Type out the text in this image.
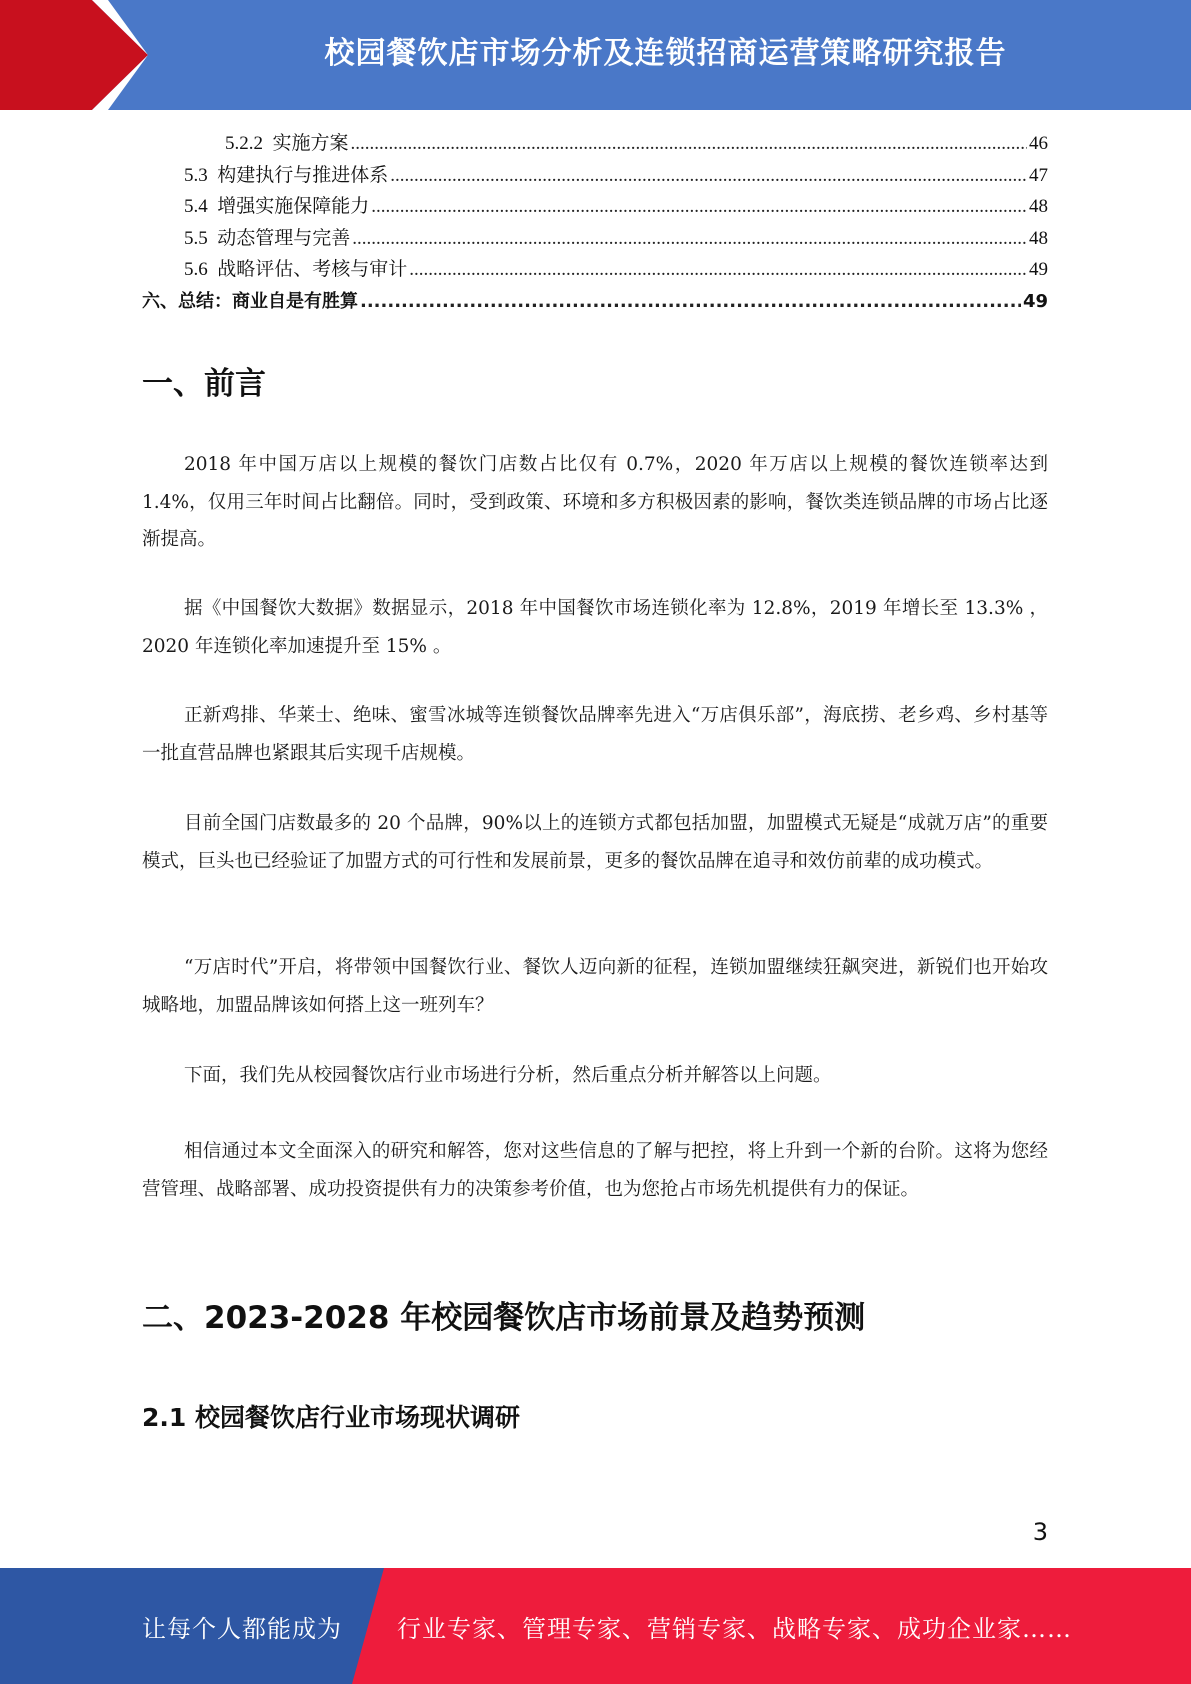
校园餐饮店市场分析及连锁招商运营策略研究报告
5.2.2  实施方案 .....	46
5.3  构建执行与推进体系 .....	47
5.4  增强实施保障能力 .....	48
5.5  动态管理与完善 .....	48
5.6  战略评估、考核与审计 .....	49
六、总结：商业自是有胜算 .....	49
一、前言

2018 年中国万店以上规模的餐饮门店数占比仅有 0.7%，2020 年万店以上规模的餐饮连锁率达到 1.4%，仅用三年时间占比翻倍。同时，受到政策、环境和多方积极因素的影响，餐饮类连锁品牌的市场占比逐渐提高。

据《中国餐饮大数据》数据显示，2018 年中国餐饮市场连锁化率为 12.8%，2019 年增长至 13.3% ，2020 年连锁化率加速提升至 15% 。

正新鸡排、华莱士、绝味、蜜雪冰城等连锁餐饮品牌率先进入“万店俱乐部”，海底捞、老乡鸡、乡村基等一批直营品牌也紧跟其后实现千店规模。

目前全国门店数最多的 20 个品牌，90%以上的连锁方式都包括加盟，加盟模式无疑是“成就万店”的重要模式，巨头也已经验证了加盟方式的可行性和发展前景，更多的餐饮品牌在追寻和效仿前辈的成功模式。

“万店时代”开启，将带领中国餐饮行业、餐饮人迈向新的征程，连锁加盟继续狂飙突进，新锐们也开始攻城略地，加盟品牌该如何搭上这一班列车？

下面，我们先从校园餐饮店行业市场进行分析，然后重点分析并解答以上问题。

相信通过本文全面深入的研究和解答，您对这些信息的了解与把控，将上升到一个新的台阶。这将为您经营管理、战略部署、成功投资提供有力的决策参考价值，也为您抢占市场先机提供有力的保证。

二、2023-2028 年校园餐饮店市场前景及趋势预测
2.1 校园餐饮店行业市场现状调研
3
让每个人都能成为 行业专家、管理专家、营销专家、战略专家、成功企业家……
